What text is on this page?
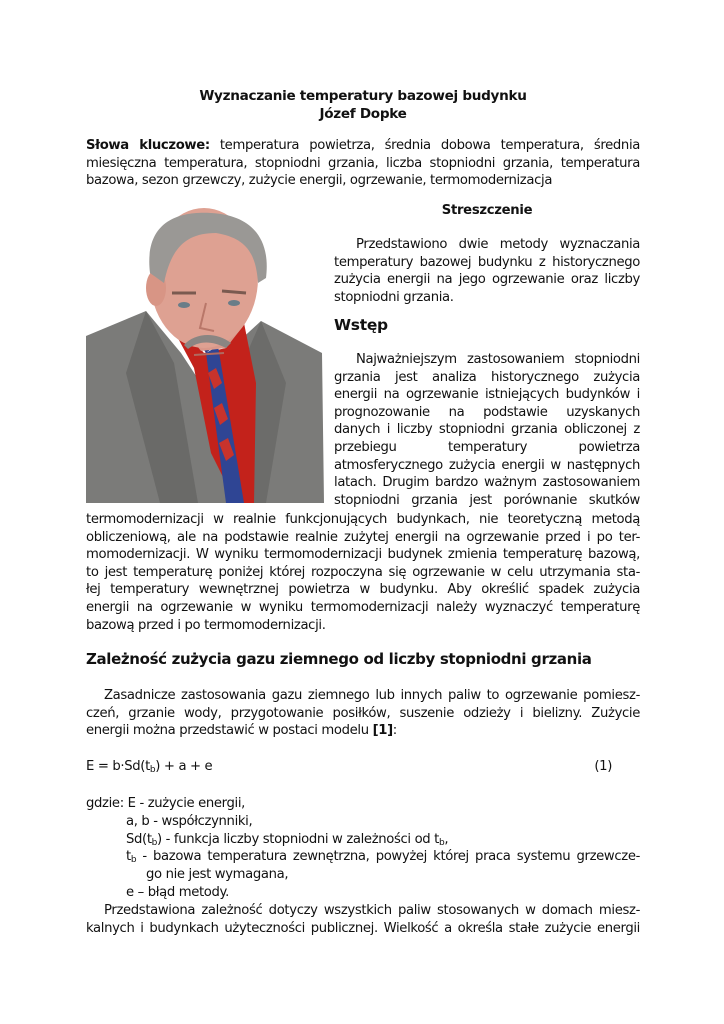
Wyznaczanie temperatury bazowej budynku
Józef Dopke
Słowa kluczowe: temperatura powietrza, średnia dobowa temperatura, średnia miesięczna temperatura, stopniodni grzania, liczba stopniodni grzania, temperatura bazowa, sezon grzewczy, zużycie energii, ogrzewanie, termomodernizacja
Streszczenie
Przedstawiono dwie metody wyznaczania temperatury bazowej budynku z historycznego zużycia energii na jego ogrzewanie oraz liczby stopniodni grzania.
Wstęp
Najważniejszym zastosowaniem stopniodni
grzania jest analiza historycznego zużycia
energii na ogrzewanie istniejących budynków i
prognozowanie na podstawie uzyskanych
danych i liczby stopniodni grzania obliczonej z
przebiegu temperatury powietrza
atmosferycznego zużycia energii w następnych
latach. Drugim bardzo ważnym zastosowaniem
stopniodni grzania jest porównanie skutków
termomodernizacji w realnie funkcjonujących budynkach, nie teoretyczną metodą
obliczeniową, ale na podstawie realnie zużytej energii na ogrzewanie przed i po ter-
momodernizacji. W wyniku termomodernizacji budynek zmienia temperaturę bazową,
to jest temperaturę poniżej której rozpoczyna się ogrzewanie w celu utrzymania sta-
łej temperatury wewnętrznej powietrza w budynku. Aby określić spadek zużycia
energii na ogrzewanie w wyniku termomodernizacji należy wyznaczyć temperaturę
bazową przed i po termomodernizacji.
Zależność zużycia gazu ziemnego od liczby stopniodni grzania
Zasadnicze zastosowania gazu ziemnego lub innych paliw to ogrzewanie pomiesz-
czeń, grzanie wody, przygotowanie posiłków, suszenie odzieży i bielizny. Zużycie
energii można przedstawić w postaci modelu [1]:
$E = b\cdot Sd(t_b) + a + e$	(1)
gdzie: E - zużycie energii,
a, b - współczynniki,
$Sd(t_b)$ - funkcja liczby stopniodni w zależności od $t_b$,
$t_b$ - bazowa temperatura zewnętrzna, powyżej której praca systemu grzewcze-
go nie jest wymagana,
e – błąd metody.
Przedstawiona zależność dotyczy wszystkich paliw stosowanych w domach miesz-
kalnych i budynkach użyteczności publicznej. Wielkość a określa stałe zużycie energii
